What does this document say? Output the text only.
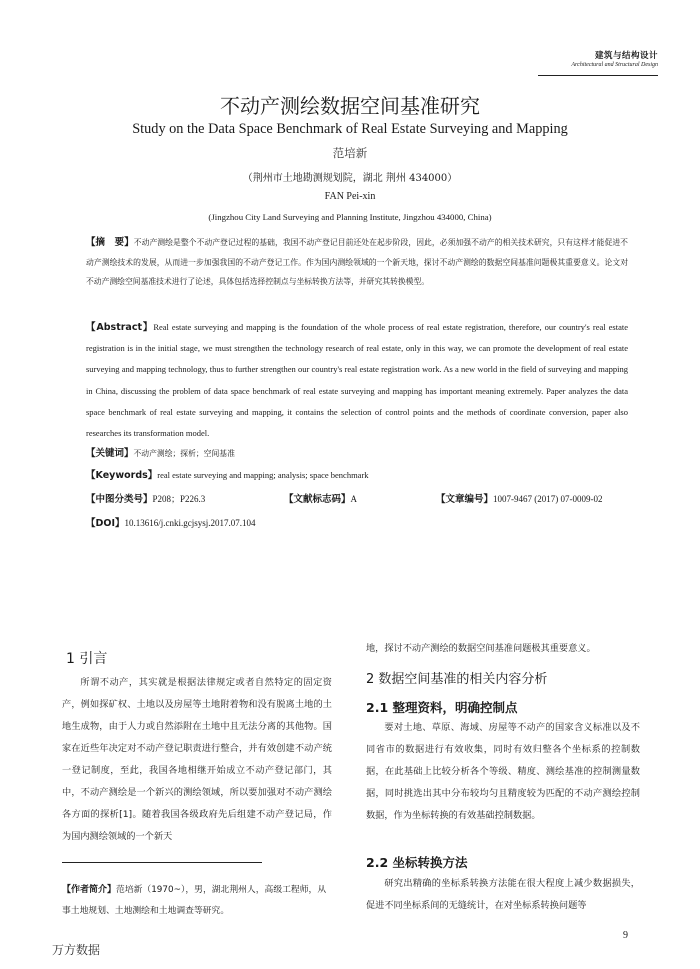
建筑与结构设计
Architectural and Structural Design
不动产测绘数据空间基准研究
Study on the Data Space Benchmark of Real Estate Surveying and Mapping
范培新
（荆州市土地勘测规划院，湖北 荆州 434000）
FAN Pei-xin
(Jingzhou City Land Surveying and Planning Institute, Jingzhou 434000, China)
【摘　要】不动产测绘是整个不动产登记过程的基础，我国不动产登记目前还处在起步阶段，因此，必须加强不动产的相关技术研究，只有这样才能促进不动产测绘技术的发展，从而进一步加强我国的不动产登记工作。作为国内测绘领域的一个新天地，探讨不动产测绘的数据空间基准问题极其重要意义。论文对不动产测绘空间基准技术进行了论述，具体包括选择控制点与坐标转换方法等，并研究其转换模型。
【Abstract】Real estate surveying and mapping is the foundation of the whole process of real estate registration, therefore, our country's real estate registration is in the initial stage, we must strengthen the technology research of real estate, only in this way, we can promote the development of real estate surveying and mapping technology, thus to further strengthen our country's real estate registration work. As a new world in the field of surveying and mapping in China, discussing the problem of data space benchmark of real estate surveying and mapping has important meaning extremely. Paper analyzes the data space benchmark of real estate surveying and mapping, it contains the selection of control points and the methods of coordinate conversion, paper also researches its transformation model.
【关键词】不动产测绘；探析；空间基准
【Keywords】real estate surveying and mapping; analysis; space benchmark
【中图分类号】P208；P226.3	【文献标志码】A	【文章编号】1007-9467 (2017) 07-0009-02
【DOI】10.13616/j.cnki.gcjsysj.2017.07.104
1 引言

所谓不动产，其实就是根据法律规定或者自然特定的固定资产，例如探矿权、土地以及房屋等土地附着物和没有脱离土地的土地生成物，由于人力或自然添附在土地中且无法分离的其他物。国家在近些年决定对不动产登记职责进行整合，并有效创建不动产统一登记制度，至此，我国各地相继开始成立不动产登记部门，其中，不动产测绘是一个新兴的测绘领域，所以要加强对不动产测绘各方面的探析[1]。随着我国各级政府先后组建不动产登记局，作为国内测绘领域的一个新天

【作者简介】范培新（1970~），男，湖北荆州人，高级工程师，从事土地规划、土地测绘和土地调查等研究。
地，探讨不动产测绘的数据空间基准问题极其重要意义。
2 数据空间基准的相关内容分析
2.1 整理资料，明确控制点

要对土地、草原、海域、房屋等不动产的国家含义标准以及不同省市的数据进行有效收集，同时有效归整各个坐标系的控制数据，在此基础上比较分析各个等级、精度、测绘基准的控制测量数据，同时挑选出其中分布较均匀且精度较为匹配的不动产测绘控制数据，作为坐标转换的有效基础控制数据。

2.2 坐标转换方法

研究出精确的坐标系转换方法能在很大程度上减少数据损失，促进不同坐标系间的无缝统计，在对坐标系转换问题等

9
万方数据
